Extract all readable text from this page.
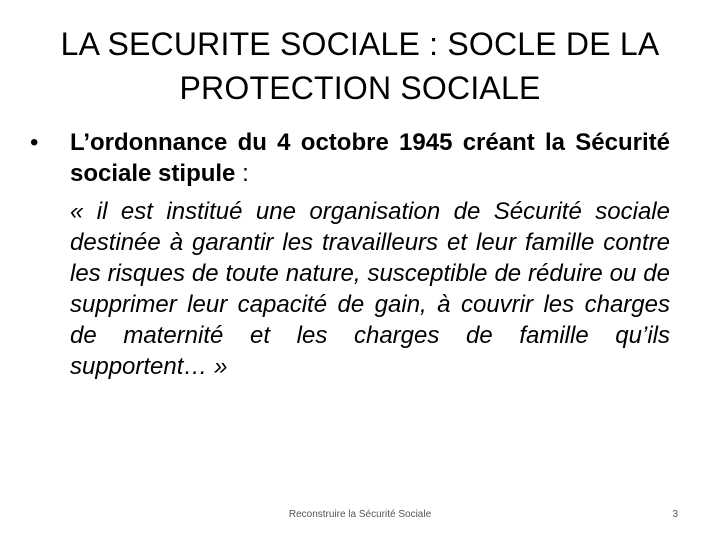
LA SECURITE SOCIALE : SOCLE DE LA
PROTECTION SOCIALE
•	L’ordonnance du 4 octobre 1945 créant la Sécurité sociale stipule :
« il est institué une organisation de Sécurité sociale destinée à garantir les travailleurs et leur famille contre les risques de toute nature, susceptible de réduire ou de supprimer leur capacité de gain, à couvrir les charges de maternité et les charges de famille qu’ils supportent… »
Reconstruire la Sécurité Sociale	3
